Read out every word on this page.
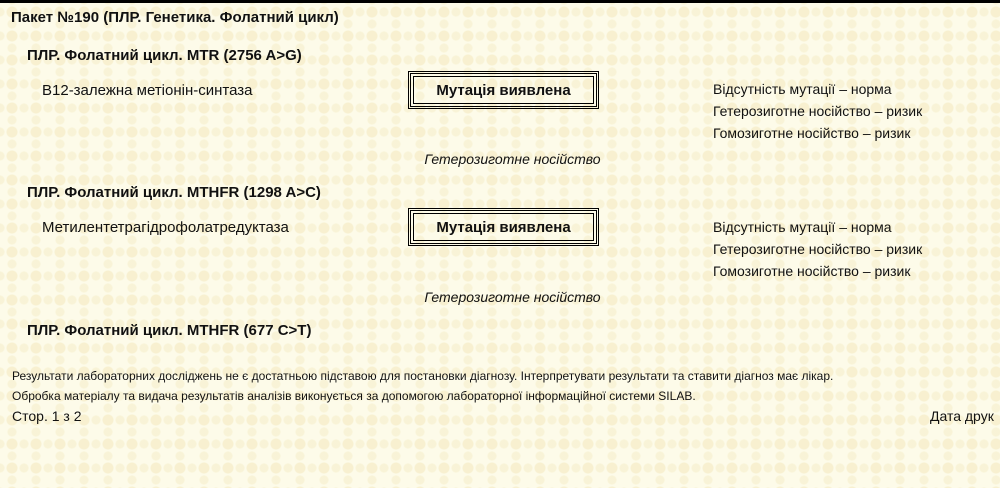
Пакет №190 (ПЛР. Генетика. Фолатний цикл)
ПЛР. Фолатний цикл. MTR (2756 A>G)
В12-залежна метіонін-синтаза	Мутація виявлена	Відсутність мутації – норма
Гетерозиготне носійство – ризик
Гомозиготне носійство – ризик
Гетерозиготне носійство
ПЛР. Фолатний цикл. MTHFR (1298 A>C)
Метилентетрагідрофолатредуктаза	Мутація виявлена	Відсутність мутації – норма
Гетерозиготне носійство – ризик
Гомозиготне носійство – ризик
Гетерозиготне носійство
ПЛР. Фолатний цикл. MTHFR (677 C>T)
Результати лабораторних досліджень не є достатньою підставою для постановки діагнозу. Інтерпретувати результати та ставити діагноз має лікар.
Обробка матеріалу та видача результатів аналізів виконується за допомогою лабораторної інформаційної системи SILAB.
Стор. 1 з 2	Дата друк
